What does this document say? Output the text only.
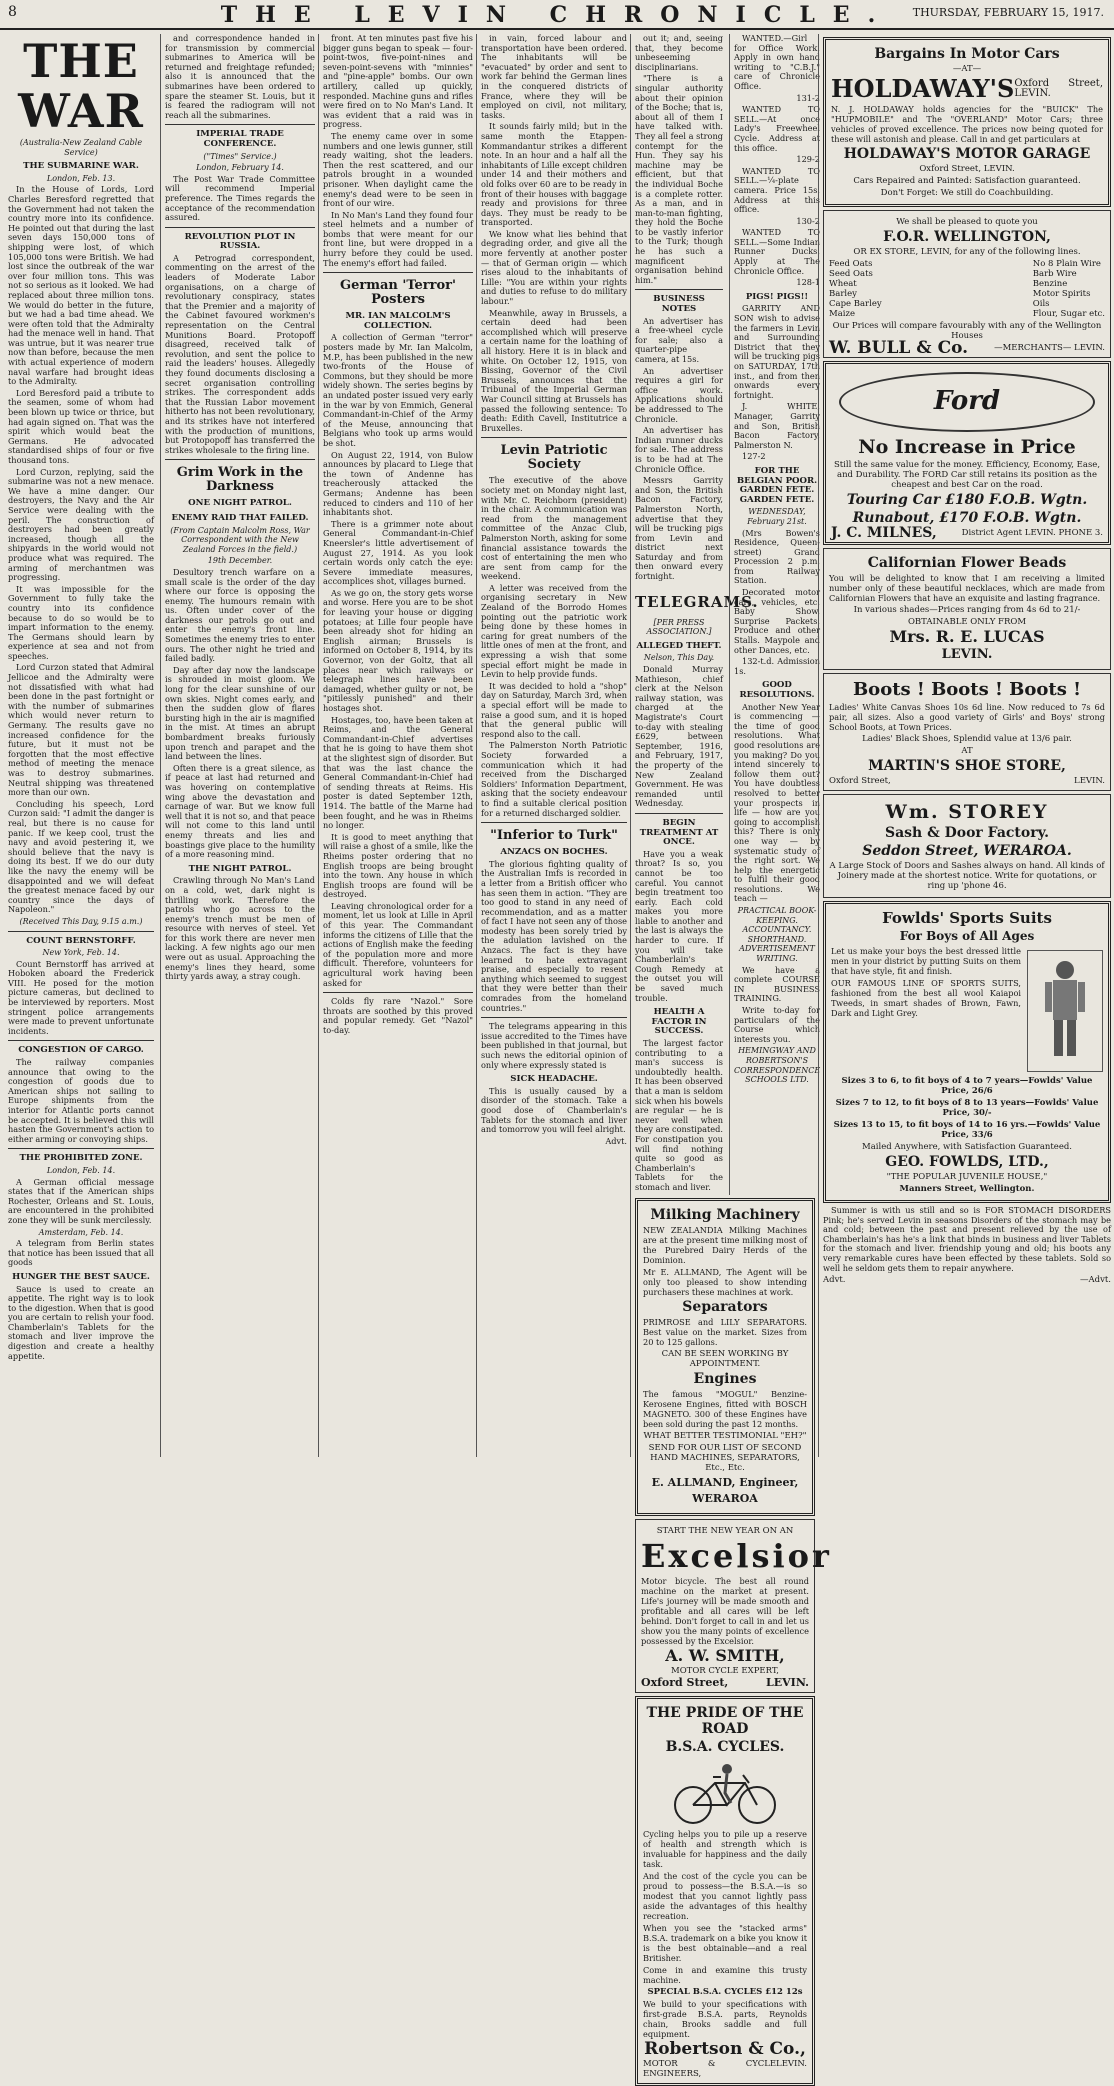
8	THE LEVIN CHRONICLE.	THURSDAY, FEBRUARY 15, 1917.
THE WAR

(Australia-New Zealand Cable Service)

THE SUBMARINE WAR.

London, Feb. 13.

In the House of Lords, Lord Charles Beresford regretted that the Government had not taken the country more into its confidence. He pointed out that during the last seven days 150,000 tons of shipping were lost, of which 105,000 tons were British. We had lost since the outbreak of the war over four million tons. This was not so serious as it looked. We had replaced about three million tons. We would do better in the future, but we had a bad time ahead. We were often told that the Admiralty had the menace well in hand. That was untrue, but it was nearer true now than before, because the men with actual experience of modern naval warfare had brought ideas to the Admiralty.

Lord Beresford paid a tribute to the seamen, some of whom had been blown up twice or thrice, but had again signed on. That was the spirit which would beat the Germans. He advocated standardised ships of four or five thousand tons.

Lord Curzon, replying, said the submarine was not a new menace. We have a mine danger. Our destroyers, the Navy and the Air Service were dealing with the peril. The construction of destroyers had been greatly increased, though all the shipyards in the world would not produce what was required. The arming of merchantmen was progressing.

It was impossible for the Government to fully take the country into its confidence because to do so would be to impart information to the enemy. The Germans should learn by experience at sea and not from speeches.

Lord Curzon stated that Admiral Jellicoe and the Admiralty were not dissatisfied with what had been done in the past fortnight or with the number of submarines which would never return to Germany. The results gave no increased confidence for the future, but it must not be forgotten that the most effective method of meeting the menace was to destroy submarines. Neutral shipping was threatened more than our own.

Concluding his speech, Lord Curzon said: "I admit the danger is real, but there is no cause for panic. If we keep cool, trust the navy and avoid pestering it, we should believe that the navy is doing its best. If we do our duty like the navy the enemy will be disappointed and we will defeat the greatest menace faced by our country since the days of Napoleon."

(Received This Day, 9.15 a.m.)

COUNT BERNSTORFF.

New York, Feb. 14.

Count Bernstorff has arrived at Hoboken aboard the Frederick VIII. He posed for the motion picture cameras, but declined to be interviewed by reporters. Most stringent police arrangements were made to prevent unfortunate incidents.

CONGESTION OF CARGO.

The railway companies announce that owing to the congestion of goods due to American ships not sailing to Europe shipments from the interior for Atlantic ports cannot be accepted. It is believed this will hasten the Government's action to either arming or convoying ships.

THE PROHIBITED ZONE.

London, Feb. 14.

A German official message states that if the American ships Rochester, Orleans and St. Louis, are encountered in the prohibited zone they will be sunk mercilessly.

Amsterdam, Feb. 14.

A telegram from Berlin states that notice has been issued that all goods

HUNGER THE BEST SAUCE.

Sauce is used to create an appetite. The right way is to look to the digestion. When that is good you are certain to relish your food. Chamberlain's Tablets for the stomach and liver improve the digestion and create a healthy appetite.

and correspondence handed in for transmission by commercial submarines to America will be returned and freightage refunded; also it is announced that the submarines have been ordered to spare the steamer St. Louis, but it is feared the radiogram will not reach all the submarines.

IMPERIAL TRADE CONFERENCE.

("Times" Service.)

London, February 14.

The Post War Trade Committee will recommend Imperial preference. The Times regards the acceptance of the recommendation assured.

REVOLUTION PLOT IN RUSSIA.

A Petrograd correspondent, commenting on the arrest of the leaders of Moderate Labor organisations, on a charge of revolutionary conspiracy, states that the Premier and a majority of the Cabinet favoured workmen's representation on the Central Munitions Board. Protopoff disagreed, received talk of revolution, and sent the police to raid the leaders' houses. Allegedly they found documents disclosing a secret organisation controlling strikes. The correspondent adds that the Russian Labor movement hitherto has not been revolutionary, and its strikes have not interfered with the production of munitions, but Protopopoff has transferred the strikes wholesale to the firing line.

Grim Work in the Darkness

ONE NIGHT PATROL.

ENEMY RAID THAT FAILED.

(From Captain Malcolm Ross, War Correspondent with the New Zealand Forces in the field.)

19th December.

Desultory trench warfare on a small scale is the order of the day where our force is opposing the enemy. The humours remain with us. Often under cover of the darkness our patrols go out and enter the enemy's front line. Sometimes the enemy tries to enter ours. The other night he tried and failed badly.

Day after day now the landscape is shrouded in moist gloom. We long for the clear sunshine of our own skies. Night comes early, and then the sudden glow of flares bursting high in the air is magnified in the mist. At times an abrupt bombardment breaks furiously upon trench and parapet and the land between the lines.

Often there is a great silence, as if peace at last had returned and was hovering on contemplative wing above the devastation and carnage of war. But we know full well that it is not so, and that peace will not come to this land until enemy threats and lies and boastings give place to the humility of a more reasoning mind.

THE NIGHT PATROL.

Crawling through No Man's Land on a cold, wet, dark night is thrilling work. Therefore the patrols who go across to the enemy's trench must be men of resource with nerves of steel. Yet for this work there are never men lacking. A few nights ago our men were out as usual. Approaching the enemy's lines they heard, some thirty yards away, a stray cough.

front. At ten minutes past five his bigger guns began to speak — four-point-twos, five-point-nines and seven-point-sevens with "minnies" and "pine-apple" bombs. Our own artillery, called up quickly, responded. Machine guns and rifles were fired on to No Man's Land. It was evident that a raid was in progress.

The enemy came over in some numbers and one lewis gunner, still ready waiting, shot the leaders. Then the rest scattered, and our patrols brought in a wounded prisoner. When daylight came the enemy's dead were to be seen in front of our wire.

In No Man's Land they found four steel helmets and a number of bombs that were meant for our front line, but were dropped in a hurry before they could be used. The enemy's effort had failed.

German 'Terror' Posters

MR. IAN MALCOLM'S COLLECTION.

A collection of German "terror" posters made by Mr. Ian Malcolm, M.P., has been published in the new two-fronts of the House of Commons, but they should be more widely shown. The series begins by an undated poster issued very early in the war by von Emmich, General Commandant-in-Chief of the Army of the Meuse, announcing that Belgians who took up arms would be shot.

On August 22, 1914, von Bulow announces by placard to Liege that the town of Andenne has treacherously attacked the Germans; Andenne has been reduced to cinders and 110 of her inhabitants shot.

There is a grimmer note about General Commandant-in-Chief Kneersler's little advertisement of August 27, 1914. As you look certain words only catch the eye: Severe immediate measures, accomplices shot, villages burned.

As we go on, the story gets worse and worse. Here you are to be shot for leaving your house or digging potatoes; at Lille four people have been already shot for hiding an English airman; Brussels is informed on October 8, 1914, by its Governor, von der Goltz, that all places near which railways or telegraph lines have been damaged, whether guilty or not, be "pitilessly punished" and their hostages shot.

Hostages, too, have been taken at Reims, and the General Commandant-in-Chief advertises that he is going to have them shot at the slightest sign of disorder. But that was the last chance the General Commandant-in-Chief had of sending threats at Reims. His poster is dated September 12th, 1914. The battle of the Marne had been fought, and he was in Rheims no longer.

It is good to meet anything that will raise a ghost of a smile, like the Rheims poster ordering that no English troops are being brought into the town. Any house in which English troops are found will be destroyed.

Leaving chronological order for a moment, let us look at Lille in April of this year. The Commandant informs the citizens of Lille that the actions of English make the feeding of the population more and more difficult. Therefore, volunteers for agricultural work having been asked for

Colds fly rare "Nazol." Sore throats are soothed by this proved and popular remedy. Get "Nazol" to-day.

in vain, forced labour and transportation have been ordered. The inhabitants will be "evacuated" by order and sent to work far behind the German lines in the conquered districts of France, where they will be employed on civil, not military, tasks.

It sounds fairly mild; but in the same month the Etappen-Kommandantur strikes a different note. In an hour and a half all the inhabitants of Lille except children under 14 and their mothers and old folks over 60 are to be ready in front of their houses with baggage ready and provisions for three days. They must be ready to be transported.

We know what lies behind that degrading order, and give all the more fervently at another poster — that of German origin — which rises aloud to the inhabitants of Lille: "You are within your rights and duties to refuse to do military labour."

Meanwhile, away in Brussels, a certain deed had been accomplished which will preserve a certain name for the loathing of all history. Here it is in black and white. On October 12, 1915, von Bissing, Governor of the Civil Brussels, announces that the Tribunal of the Imperial German War Council sitting at Brussels has passed the following sentence: To death: Edith Cavell, Institutrice a Bruxelles.

Levin Patriotic Society

The executive of the above society met on Monday night last, with Mr. C. Reichborn (president) in the chair. A communication was read from the management committee of the Anzac Club, Palmerston North, asking for some financial assistance towards the cost of entertaining the men who are sent from camp for the weekend.

A letter was received from the organising secretary in New Zealand of the Borrodo Homes pointing out the patriotic work being done by these homes in caring for great numbers of the little ones of men at the front, and expressing a wish that some special effort might be made in Levin to help provide funds.

It was decided to hold a "shop" day on Saturday, March 3rd, when a special effort will be made to raise a good sum, and it is hoped that the general public will respond also to the call.

The Palmerston North Patriotic Society forwarded a communication which it had received from the Discharged Soldiers' Information Department, asking that the society endeavour to find a suitable clerical position for a returned discharged soldier.

"Inferior to Turk"

ANZACS ON BOCHES.

The glorious fighting quality of the Australian Imfs is recorded in a letter from a British officer who has seen them in action. "They are too good to stand in any need of recommendation, and as a matter of fact I have not seen any of those modesty has been sorely tried by the adulation lavished on the Anzacs. The fact is they have learned to hate extravagant praise, and especially to resent anything which seemed to suggest that they were better than their comrades from the homeland countries."

The telegrams appearing in this issue accredited to the Times have been published in that journal, but such news the editorial opinion of only where expressly stated is

SICK HEADACHE.

This is usually caused by a disorder of the stomach. Take a good dose of Chamberlain's Tablets for the stomach and liver and tomorrow you will feel alright.

Advt.

out it; and, seeing that, they become unbeseeming disciplinarians.

"There is a singular authority about their opinion of the Boche; that is, about all of them I have talked with. They all feel a strong contempt for the Hun. They say his machine may be efficient, but that the individual Boche is a complete rotter. As a man, and in man-to-man fighting, they hold the Boche to be vastly inferior to the Turk; though he has such a magnificent organisation behind him."

BUSINESS NOTES

An advertiser has a free-wheel cycle for sale; also a quarter-pipe camera, at 15s.

An advertiser requires a girl for office work. Applications should be addressed to The Chronicle.

An advertiser has Indian runner ducks for sale. The address is to be had at The Chronicle Office.

Messrs Garrity and Son, the British Bacon Factory, Palmerston North, advertise that they will be trucking pigs from Levin and district next Saturday and from then onward every fortnight.

TELEGRAMS.

[PER PRESS ASSOCIATION.]

ALLEGED THEFT.

Nelson, This Day.

Donald Murray Mathieson, chief clerk at the Nelson railway station, was charged at the Magistrate's Court to-day with stealing £629, between September, 1916, and February, 1917, the property of the New Zealand Government. He was remanded until Wednesday.

BEGIN TREATMENT AT ONCE.

Have you a weak throat? Is so, you cannot be too careful. You cannot begin treatment too early. Each cold makes you more liable to another and the last is always the harder to cure. If you will take Chamberlain's Cough Remedy at the outset you will be saved much trouble.

HEALTH A FACTOR IN SUCCESS.

The largest factor contributing to a man's success is undoubtedly health. It has been observed that a man is seldom sick when his bowels are regular — he is never well when they are constipated. For constipation you will find nothing quite so good as Chamberlain's Tablets for the stomach and liver.

WANTED.—Girl for Office Work. Apply in own hand writing to "C.B.J." care of Chronicle Office.

131-2

WANTED TO SELL.—At once Lady's Freewheel Cycle. Address at this office.

129-2

WANTED TO SELL.—¼-plate camera. Price 15s. Address at this office.

130-2

WANTED TO SELL.—Some Indian Runner Ducks. Apply at The Chronicle Office.

128-1

PIGS! PIGS!!

GARRITY AND SON wish to advise the farmers in Levin and Surrounding District that they will be trucking pigs on SATURDAY, 17th inst., and from then onwards every fortnight.

J. WHITE, Manager, Garrity and Son, British Bacon Factory, Palmerston N.

127-2

FOR THE BELGIAN POOR. GARDEN FETE. GARDEN FETE.

WEDNESDAY, February 21st.

(Mrs Bowen's Residence, Queen-street) Grand Procession 2 p.m. from Railway Station.

Decorated motor cars, vehicles, etc. Baby Show. Surprise Packets. Produce and other Stalls. Maypole and other Dances, etc.

132-t.d. Admission 1s.

GOOD RESOLUTIONS.

Another New Year is commencing — the time of good resolutions. What good resolutions are you making? Do you intend sincerely to follow them out? You have doubtless resolved to better your prospects in life — how are you going to accomplish this? There is only one way — by systematic study of the right sort. We help the energetic to fulfil their good resolutions. We teach —

PRACTICAL BOOK-KEEPING. ACCOUNTANCY. SHORTHAND. ADVERTISEMENT WRITING.

We have a complete COURSE IN BUSINESS TRAINING.

Write to-day for particulars of the Course which interests you.

HEMINGWAY AND ROBERTSON'S CORRESPONDENCE SCHOOLS LTD.

Milking Machinery
NEW ZEALANDIA Milking Machines are at the present time milking most of the Purebred Dairy Herds of the Dominion.
Mr E. ALLMAND, The Agent will be only too pleased to show intending purchasers these machines at work.
Separators
PRIMROSE and LILY SEPARATORS. Best value on the market. Sizes from 20 to 125 gallons.
CAN BE SEEN WORKING BY APPOINTMENT.
Engines
The famous "MOGUL" Benzine-Kerosene Engines, fitted with BOSCH MAGNETO. 300 of these Engines have been sold during the past 12 months.
WHAT BETTER TESTIMONIAL "EH?"
SEND FOR OUR LIST OF SECOND HAND MACHINES, SEPARATORS, Etc., Etc.
E. ALLMAND, Engineer, WERAROA
START THE NEW YEAR ON AN
Excelsior
Motor bicycle. The best all round machine on the market at present. Life's journey will be made smooth and profitable and all cares will be left behind. Don't forget to call in and let us show you the many points of excellence possessed by the Excelsior.
A. W. SMITH,
MOTOR CYCLE EXPERT,
Oxford Street,	LEVIN.
THE PRIDE OF THE ROAD
B.S.A. CYCLES.
Cycling helps you to pile up a reserve of health and strength which is invaluable for happiness and the daily task.
And the cost of the cycle you can be proud to possess—the B.S.A.—is so modest that you cannot lightly pass aside the advantages of this healthy recreation.
When you see the "stacked arms" B.S.A. trademark on a bike you know it is the best obtainable—and a real Britisher.
Come in and examine this trusty machine.
SPECIAL B.S.A. CYCLES £12 12s
We build to your specifications with first-grade B.S.A. parts, Reynolds chain, Brooks saddle and full equipment.
Robertson & Co.,
MOTOR & CYCLE ENGINEERS,
LEVIN.
Bargains In Motor Cars
—AT—
HOLDAWAY'S Oxford Street, LEVIN.
N. J. HOLDAWAY holds agencies for the "BUICK" The "HUPMOBILE" and The "OVERLAND" Motor Cars; three vehicles of proved excellence. The prices now being quoted for these will astonish and please. Call in and get particulars at
HOLDAWAY'S MOTOR GARAGE
Oxford Street, LEVIN.
Cars Repaired and Painted: Satisfaction guaranteed.
Don't Forget: We still do Coachbuilding.
We shall be pleased to quote you
F.O.R. WELLINGTON,
OR EX STORE, LEVIN, for any of the following lines.
Feed Oats
Seed Oats
Wheat
Barley
Cape Barley
Maize
No 8 Plain Wire
Barb Wire
Benzine
Motor Spirits
Oils
Flour, Sugar etc.
Our Prices will compare favourably with any of the Wellington Houses
W. BULL & Co.	—MERCHANTS— LEVIN.
Ford
No Increase in Price
Still the same value for the money. Efficiency, Economy, Ease, and Durability. The FORD Car still retains its position as the cheapest and best Car on the road.
Touring Car £180 F.O.B. Wgtn.
Runabout, £170 F.O.B. Wgtn.
J. C. MILNES,	District Agent LEVIN. PHONE 3.
Californian Flower Beads
You will be delighted to know that I am receiving a limited number only of these beautiful necklaces, which are made from Californian Flowers that have an exquisite and lasting fragrance.
In various shades—Prices ranging from 4s 6d to 21/-
OBTAINABLE ONLY FROM
Mrs. R. E. LUCAS
LEVIN.
Boots ! Boots ! Boots !
Ladies' White Canvas Shoes 10s 6d line. Now reduced to 7s 6d pair, all sizes. Also a good variety of Girls' and Boys' strong School Boots, at Town Prices.
Ladies' Black Shoes, Splendid value at 13/6 pair.
AT
MARTIN'S SHOE STORE,
Oxford Street,	LEVIN.
Wm. STOREY
Sash & Door Factory.
Seddon Street, WERAROA.
A Large Stock of Doors and Sashes always on hand. All kinds of Joinery made at the shortest notice. Write for quotations, or ring up 'phone 46.
Fowlds' Sports Suits
For Boys of All Ages
Let us make your boys the best dressed little men in your district by putting Suits on them that have style, fit and finish.
OUR FAMOUS LINE OF SPORTS SUITS, fashioned from the best all wool Kaiapoi Tweeds, in smart shades of Brown, Fawn, Dark and Light Grey.
Sizes 3 to 6, to fit boys of 4 to 7 years—Fowlds' Value Price, 26/6
Sizes 7 to 12, to fit boys of 8 to 13 years—Fowlds' Value Price, 30/-
Sizes 13 to 15, to fit boys of 14 to 16 yrs.—Fowlds' Value Price, 33/6
Mailed Anywhere, with Satisfaction Guaranteed.
GEO. FOWLDS, LTD.,
"THE POPULAR JUVENILE HOUSE,"
Manners Street, Wellington.

Summer is with us still and so is FOR STOMACH DISORDERS Pink; he's served Levin in seasons Disorders of the stomach may be and cold; between the past and present relieved by the use of Chamberlain's has he's a link that binds in business and liver Tablets for the stomach and liver. friendship young and old; his boots any very remarkable cures have been effected by these tablets. Sold so well he seldom gets them to repair anywhere.

Advt.	—Advt.
